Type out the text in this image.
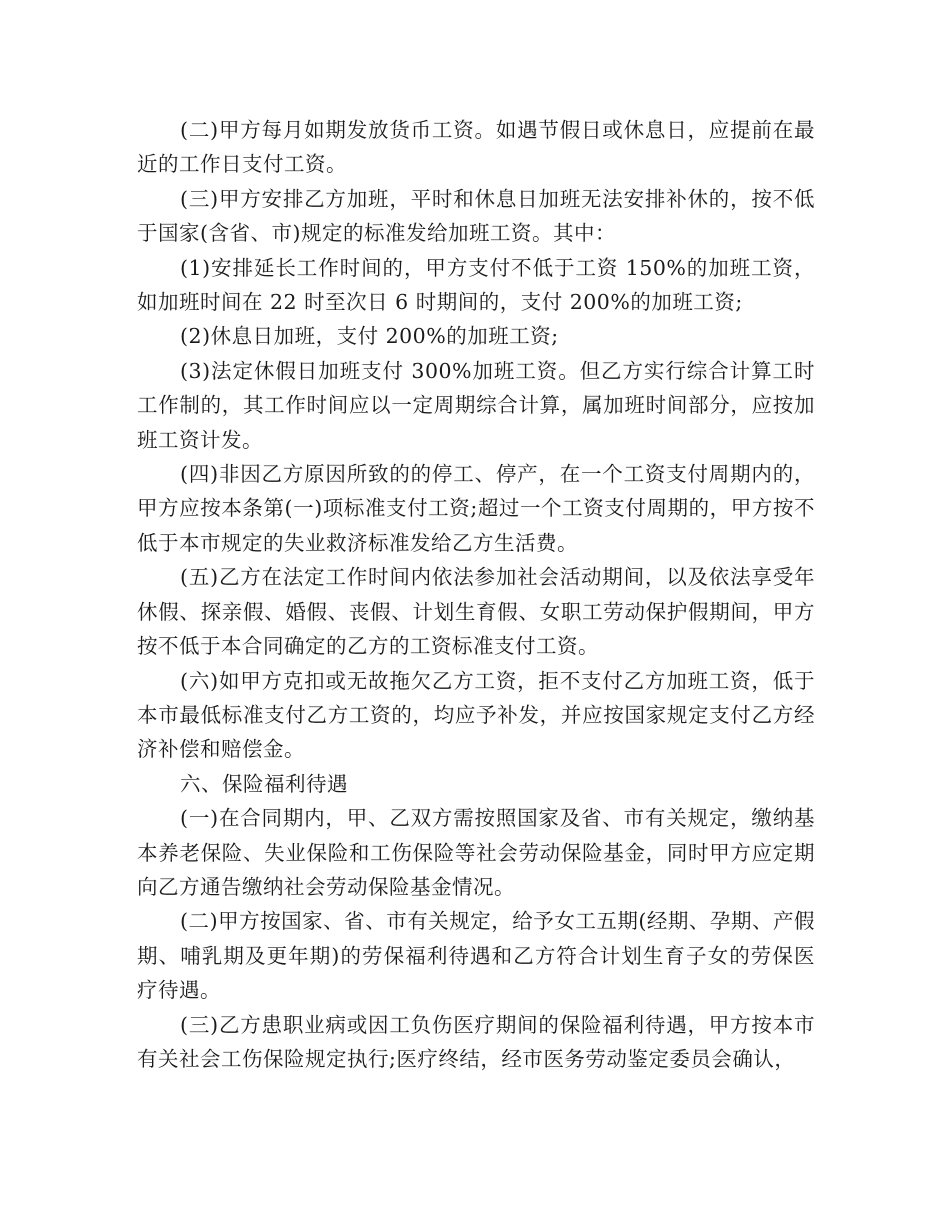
(二)甲方每月如期发放货币工资。如遇节假日或休息日，应提前在最近的工作日支付工资。

(三)甲方安排乙方加班，平时和休息日加班无法安排补休的，按不低于国家(含省、市)规定的标准发给加班工资。其中：

(1)安排延长工作时间的，甲方支付不低于工资 150%的加班工资，如加班时间在 22 时至次日 6 时期间的，支付 200%的加班工资;

(2)休息日加班，支付 200%的加班工资;

(3)法定休假日加班支付 300%加班工资。但乙方实行综合计算工时工作制的，其工作时间应以一定周期综合计算，属加班时间部分，应按加班工资计发。

(四)非因乙方原因所致的的停工、停产，在一个工资支付周期内的，甲方应按本条第(一)项标准支付工资;超过一个工资支付周期的，甲方按不低于本市规定的失业救济标准发给乙方生活费。

(五)乙方在法定工作时间内依法参加社会活动期间，以及依法享受年休假、探亲假、婚假、丧假、计划生育假、女职工劳动保护假期间，甲方按不低于本合同确定的乙方的工资标准支付工资。

(六)如甲方克扣或无故拖欠乙方工资，拒不支付乙方加班工资，低于本市最低标准支付乙方工资的，均应予补发，并应按国家规定支付乙方经济补偿和赔偿金。

六、保险福利待遇

(一)在合同期内，甲、乙双方需按照国家及省、市有关规定，缴纳基本养老保险、失业保险和工伤保险等社会劳动保险基金，同时甲方应定期向乙方通告缴纳社会劳动保险基金情况。

(二)甲方按国家、省、市有关规定，给予女工五期(经期、孕期、产假期、哺乳期及更年期)的劳保福利待遇和乙方符合计划生育子女的劳保医疗待遇。

(三)乙方患职业病或因工负伤医疗期间的保险福利待遇，甲方按本市有关社会工伤保险规定执行;医疗终结，经市医务劳动鉴定委员会确认，
